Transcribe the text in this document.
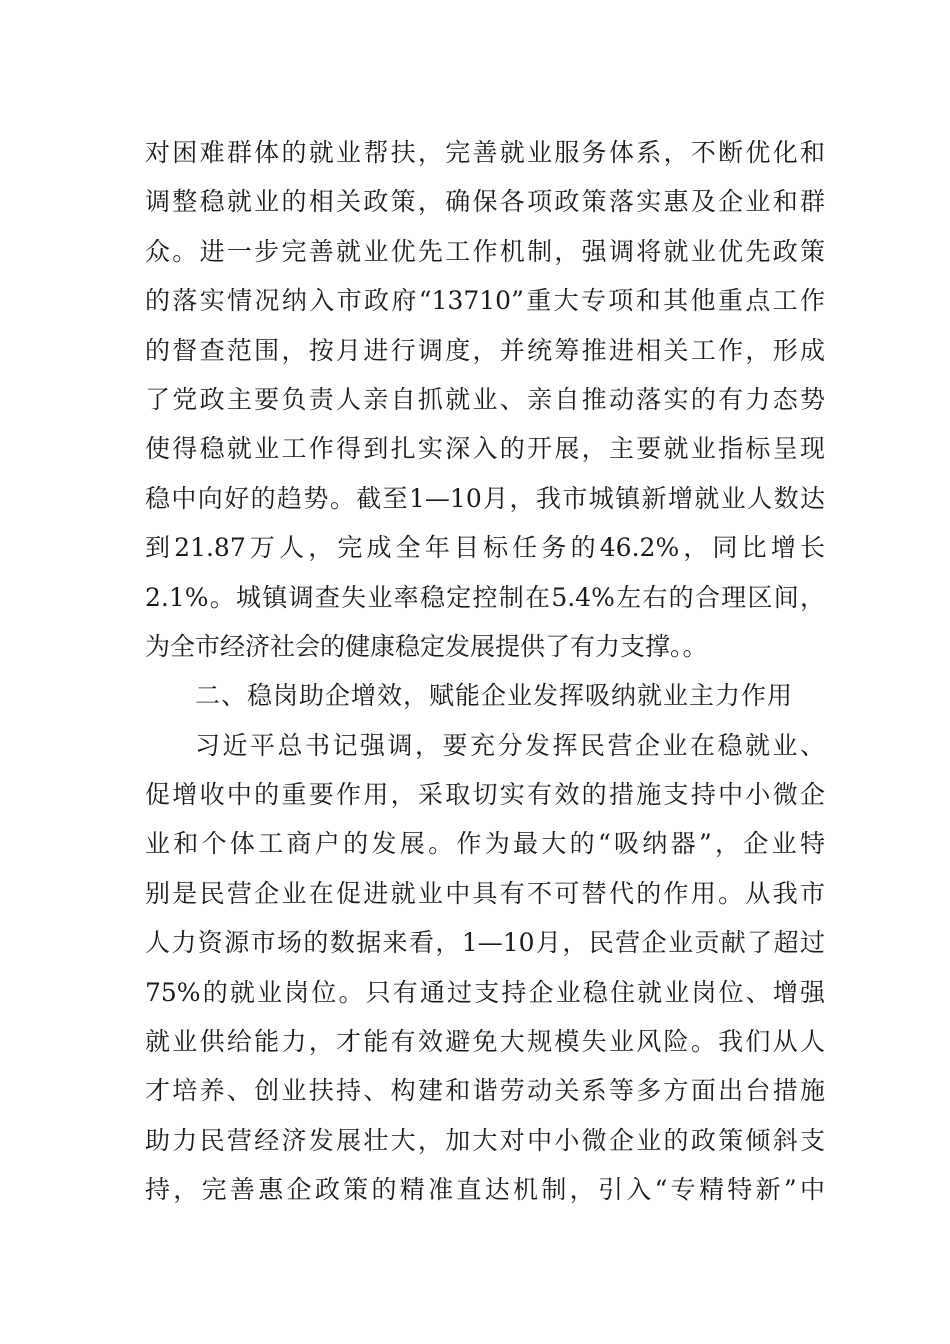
对困难群体的就业帮扶，完善就业服务体系，不断优化和
调整稳就业的相关政策，确保各项政策落实惠及企业和群
众。进一步完善就业优先工作机制，强调将就业优先政策
的落实情况纳入市政府“13710”重大专项和其他重点工作
的督查范围，按月进行调度，并统筹推进相关工作，形成
了党政主要负责人亲自抓就业、亲自推动落实的有力态势
使得稳就业工作得到扎实深入的开展，主要就业指标呈现
稳中向好的趋势。截至1—10月，我市城镇新增就业人数达
到21.87万人，完成全年目标任务的46.2%，同比增长
2.1%。城镇调查失业率稳定控制在5.4%左右的合理区间，
为全市经济社会的健康稳定发展提供了有力支撑。。
二、稳岗助企增效，赋能企业发挥吸纳就业主力作用
习近平总书记强调，要充分发挥民营企业在稳就业、
促增收中的重要作用，采取切实有效的措施支持中小微企
业和个体工商户的发展。作为最大的“吸纳器”，企业特
别是民营企业在促进就业中具有不可替代的作用。从我市
人力资源市场的数据来看，1—10月，民营企业贡献了超过
75%的就业岗位。只有通过支持企业稳住就业岗位、增强
就业供给能力，才能有效避免大规模失业风险。我们从人
才培养、创业扶持、构建和谐劳动关系等多方面出台措施
助力民营经济发展壮大，加大对中小微企业的政策倾斜支
持，完善惠企政策的精准直达机制，引入“专精特新”中
